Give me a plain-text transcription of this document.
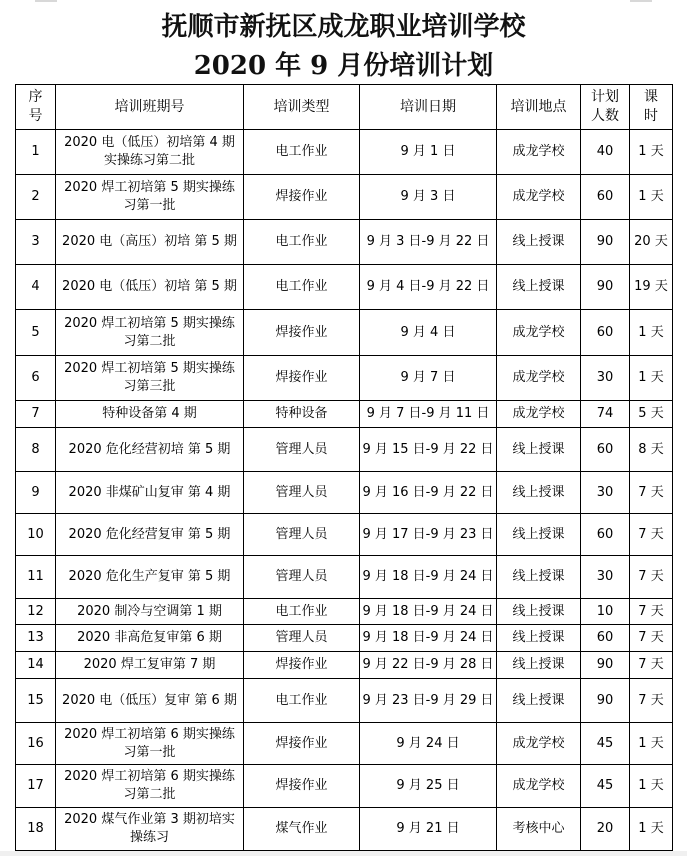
抚顺市新抚区成龙职业培训学校
2020 年 9 月份培训计划
序号	培训班期号	培训类型	培训日期	培训地点	计划人数	课时
1	2020 电（低压）初培第 4 期实操练习第二批	电工作业	9 月 1 日	成龙学校	40	1 天
2	2020 焊工初培第 5 期实操练习第一批	焊接作业	9 月 3 日	成龙学校	60	1 天
3	2020 电（高压）初培 第 5 期	电工作业	9 月 3 日-9 月 22 日	线上授课	90	20 天
4	2020 电（低压）初培 第 5 期	电工作业	9 月 4 日-9 月 22 日	线上授课	90	19 天
5	2020 焊工初培第 5 期实操练习第二批	焊接作业	9 月 4 日	成龙学校	60	1 天
6	2020 焊工初培第 5 期实操练习第三批	焊接作业	9 月 7 日	成龙学校	30	1 天
7	特种设备第 4 期	特种设备	9 月 7 日-9 月 11 日	成龙学校	74	5 天
8	2020 危化经营初培 第 5 期	管理人员	9 月 15 日-9 月 22 日	线上授课	60	8 天
9	2020 非煤矿山复审 第 4 期	管理人员	9 月 16 日-9 月 22 日	线上授课	30	7 天
10	2020 危化经营复审 第 5 期	管理人员	9 月 17 日-9 月 23 日	线上授课	60	7 天
11	2020 危化生产复审 第 5 期	管理人员	9 月 18 日-9 月 24 日	线上授课	30	7 天
12	2020 制冷与空调第 1 期	电工作业	9 月 18 日-9 月 24 日	线上授课	10	7 天
13	2020 非高危复审第 6 期	管理人员	9 月 18 日-9 月 24 日	线上授课	60	7 天
14	2020 焊工复审第 7 期	焊接作业	9 月 22 日-9 月 28 日	线上授课	90	7 天
15	2020 电（低压）复审 第 6 期	电工作业	9 月 23 日-9 月 29 日	线上授课	90	7 天
16	2020 焊工初培第 6 期实操练习第一批	焊接作业	9 月 24 日	成龙学校	45	1 天
17	2020 焊工初培第 6 期实操练习第二批	焊接作业	9 月 25 日	成龙学校	45	1 天
18	2020 煤气作业第 3 期初培实操练习	煤气作业	9 月 21 日	考核中心	20	1 天
